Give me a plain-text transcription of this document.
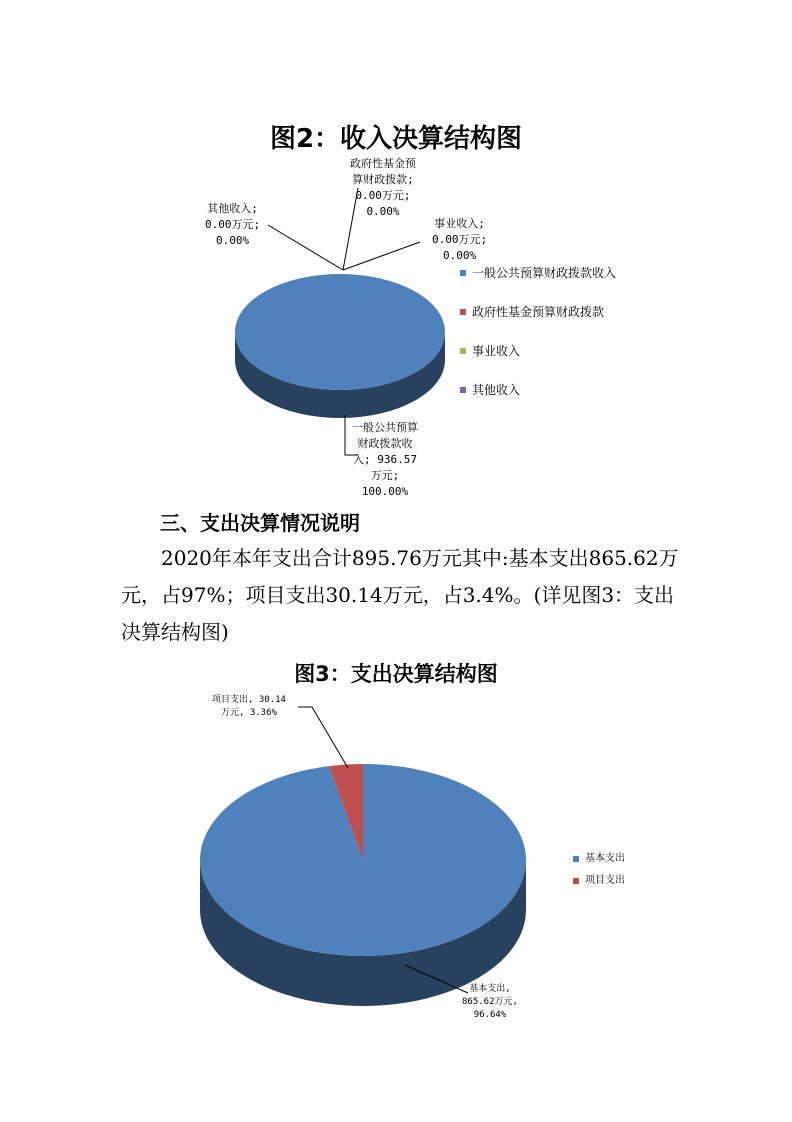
图2：收入决算结构图
政府性基金预
算财政拨款;
0.00万元;
0.00%
其他收入;
0.00万元;
0.00%
事业收入;
0.00万元;
0.00%
一般公共预算
财政拨款收
入; 936.57
万元;
100.00%
一般公共预算财政拨款收入
政府性基金预算财政拨款
事业收入
其他收入
三、支出决算情况说明
2020年本年支出合计895.76万元其中:基本支出865.62万元，占97%；项目支出30.14万元，占3.4%。(详见图3：支出决算结构图)
图3：支出决算结构图
项目支出, 30.14
万元, 3.36%
基本支出,
865.62万元,
96.64%
基本支出
项目支出
